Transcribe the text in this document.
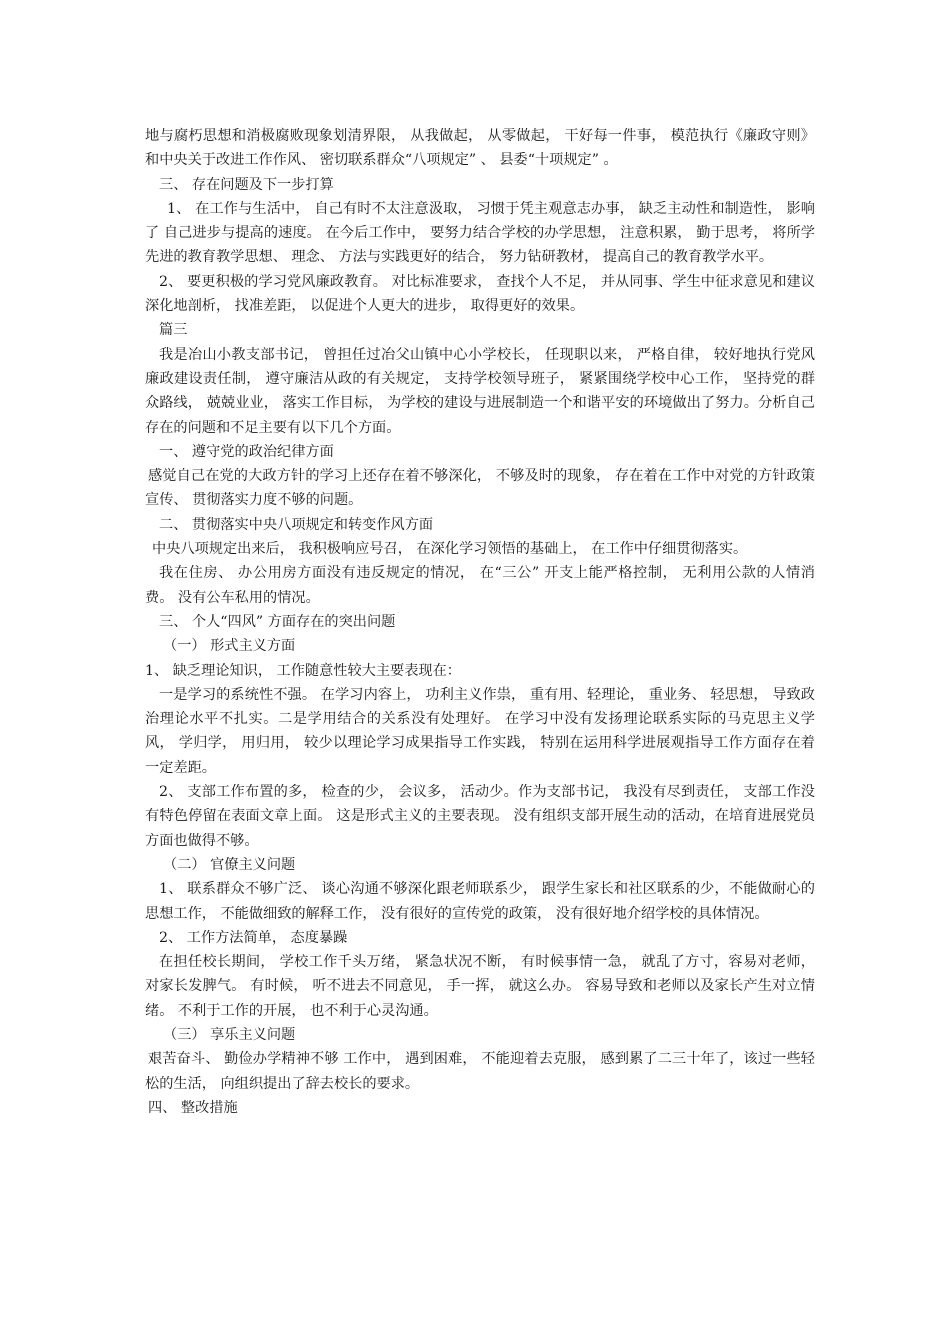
地与腐朽思想和消极腐败现象划清界限， 从我做起， 从零做起， 干好每一件事， 模范执行《廉政守则》 和中央关于改进工作作风、 密切联系群众“八项规定” 、 县委“十项规定” 。

三、 存在问题及下一步打算

1、 在工作与生活中， 自己有时不太注意汲取， 习惯于凭主观意志办事， 缺乏主动性和制造性， 影响了 自己进步与提高的速度。 在今后工作中， 要努力结合学校的办学思想， 注意积累， 勤于思考， 将所学先进的教育教学思想、 理念、 方法与实践更好的结合， 努力钻研教材， 提高自己的教育教学水平。

2、 要更积极的学习党风廉政教育。 对比标准要求， 查找个人不足， 并从同事、学生中征求意见和建议深化地剖析， 找准差距， 以促进个人更大的进步， 取得更好的效果。

篇三

我是冶山小教支部书记， 曾担任过冶父山镇中心小学校长， 任现职以来， 严格自律， 较好地执行党风廉政建设责任制， 遵守廉洁从政的有关规定， 支持学校领导班子， 紧紧围绕学校中心工作， 坚持党的群众路线， 兢兢业业， 落实工作目标， 为学校的建设与进展制造一个和谐平安的环境做出了努力。分析自己存在的问题和不足主要有以下几个方面。

一、 遵守党的政治纪律方面

感觉自己在党的大政方针的学习上还存在着不够深化， 不够及时的现象， 存在着在工作中对党的方针政策宣传、 贯彻落实力度不够的问题。

二、 贯彻落实中央八项规定和转变作风方面

中央八项规定出来后， 我积极响应号召， 在深化学习领悟的基础上， 在工作中仔细贯彻落实。

我在住房、 办公用房方面没有违反规定的情况， 在“三公” 开支上能严格控制， 无利用公款的人情消费。 没有公车私用的情况。

三、 个人“四风” 方面存在的突出问题

（一） 形式主义方面

1、 缺乏理论知识， 工作随意性较大主要表现在：

一是学习的系统性不强。 在学习内容上， 功利主义作祟， 重有用、轻理论， 重业务、 轻思想， 导致政治理论水平不扎实。二是学用结合的关系没有处理好。 在学习中没有发扬理论联系实际的马克思主义学风， 学归学， 用归用， 较少以理论学习成果指导工作实践， 特别在运用科学进展观指导工作方面存在着一定差距。

2、 支部工作布置的多， 检查的少， 会议多， 活动少。作为支部书记， 我没有尽到责任， 支部工作没有特色停留在表面文章上面。 这是形式主义的主要表现。 没有组织支部开展生动的活动，在培育进展党员方面也做得不够。

（二） 官僚主义问题

1、 联系群众不够广泛、 谈心沟通不够深化跟老师联系少， 跟学生家长和社区联系的少，不能做耐心的思想工作， 不能做细致的解释工作， 没有很好的宣传党的政策， 没有很好地介绍学校的具体情况。

2、 工作方法简单， 态度暴躁

在担任校长期间， 学校工作千头万绪， 紧急状况不断， 有时候事情一急， 就乱了方寸，容易对老师， 对家长发脾气。 有时候， 听不进去不同意见， 手一挥， 就这么办。 容易导致和老师以及家长产生对立情绪。 不利于工作的开展， 也不利于心灵沟通。

（三） 享乐主义问题

艰苦奋斗、 勤俭办学精神不够 工作中， 遇到困难， 不能迎着去克服， 感到累了二三十年了，该过一些轻松的生活， 向组织提出了辞去校长的要求。

四、 整改措施
